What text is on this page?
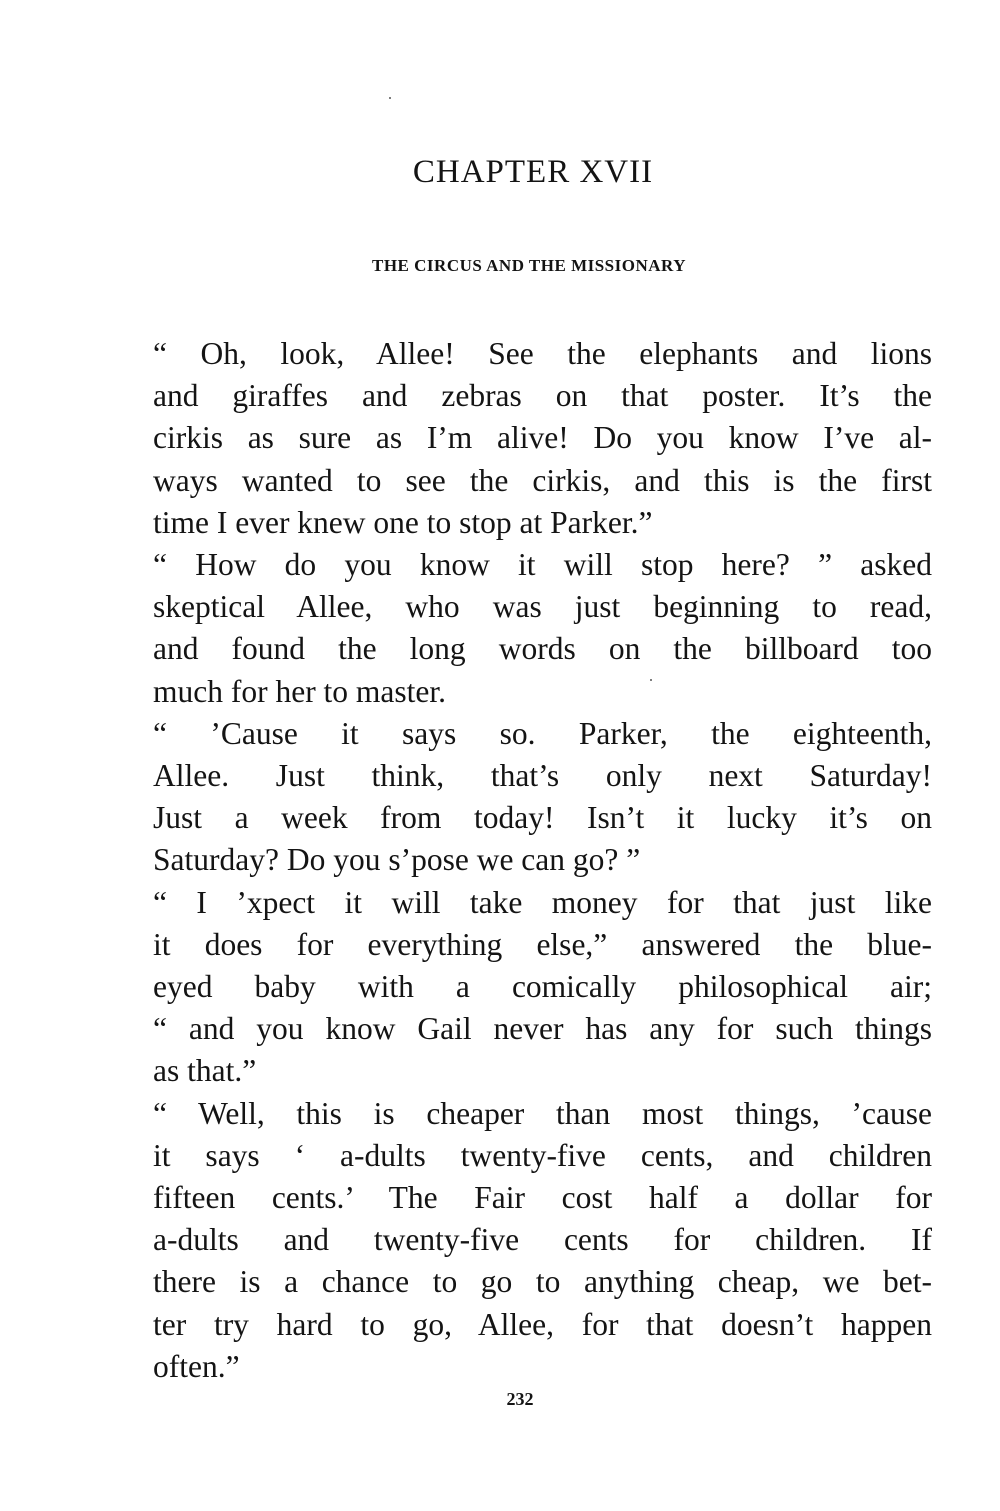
CHAPTER XVII
THE CIRCUS AND THE MISSIONARY

“ Oh, look, Allee! See the elephants and lions
and giraffes and zebras on that poster. It’s the
cirkis as sure as I’m alive! Do you know I’ve al-
ways wanted to see the cirkis, and this is the first
time I ever knew one to stop at Parker.”

“ How do you know it will stop here? ” asked
skeptical Allee, who was just beginning to read,
and found the long words on the billboard too
much for her to master.

“ ’Cause it says so. Parker, the eighteenth,
Allee. Just think, that’s only next Saturday!
Just a week from today! Isn’t it lucky it’s on
Saturday? Do you s’pose we can go? ”

“ I ’xpect it will take money for that just like
it does for everything else,” answered the blue-
eyed baby with a comically philosophical air;
“ and you know Gail never has any for such things
as that.”

“ Well, this is cheaper than most things, ’cause
it says ‘ a-dults twenty-five cents, and children
fifteen cents.’ The Fair cost half a dollar for
a-dults and twenty-five cents for children. If
there is a chance to go to anything cheap, we bet-
ter try hard to go, Allee, for that doesn’t happen
often.”

232
